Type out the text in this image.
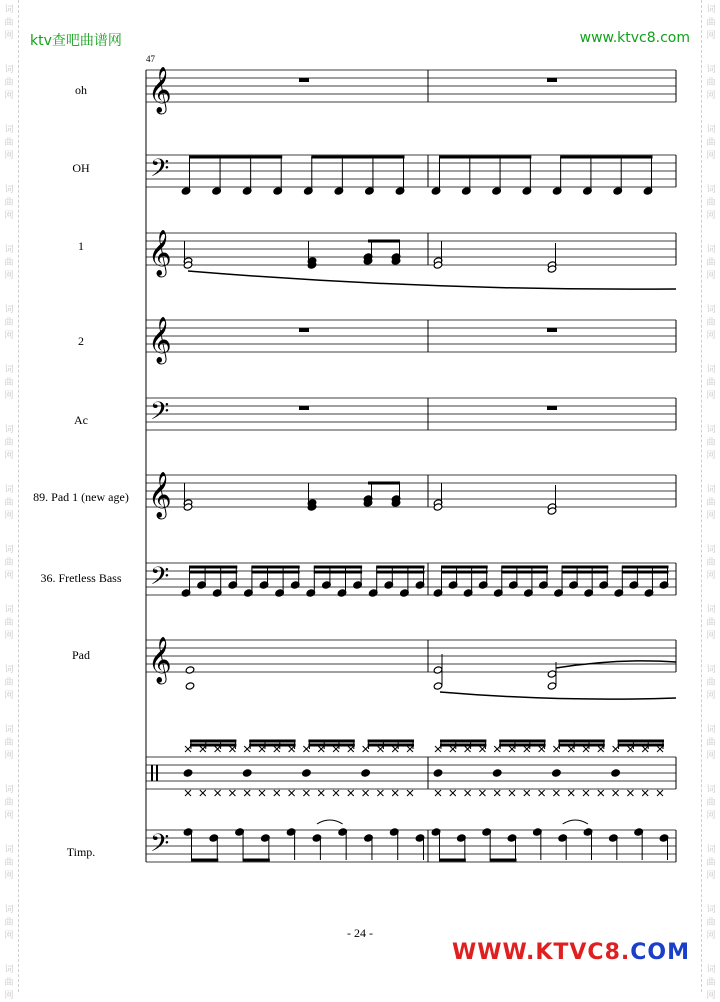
词
曲
网
词
曲
网
词
曲
网
词
曲
网
词
曲
网
词
曲
网
词
曲
网
词
曲
网
词
曲
网
词
曲
网
词
曲
网
词
曲
网
词
曲
网
词
曲
网
词
曲
网
词
曲
网
词
曲
网
词
曲
网
词
曲
网
词
曲
网
词
曲
网
词
曲
网
词
曲
网
词
曲
网
词
曲
网
词
曲
网
词
曲
网
词
曲
网
词
曲
网
词
曲
网
词
曲
网
词
曲
网
词
曲
网
词
曲
网
ktv查吧曲谱网	www.ktvc8.com
47
oh
OH
1
2
Ac
89. Pad 1 (new age)
36. Fretless Bass
Pad
Timp.
𝄞
𝄢
𝄞
𝄞
𝄢
𝄞
𝄢
𝄞
𝄢
- 24 -
WWW.KTVC8.COM
